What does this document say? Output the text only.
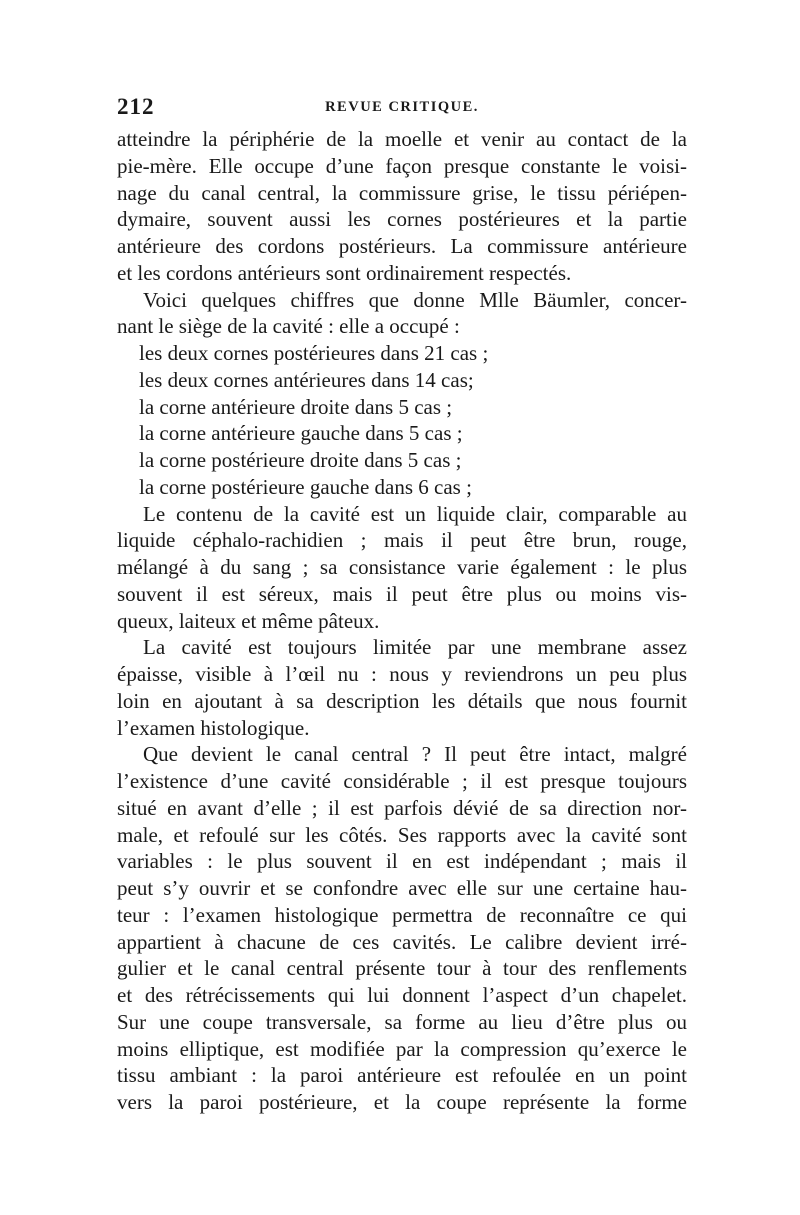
212	REVUE CRITIQUE.
atteindre la périphérie de la moelle et venir au contact de la
pie-mère. Elle occupe d’une façon presque constante le voisi-
nage du canal central, la commissure grise, le tissu périépen-
dymaire, souvent aussi les cornes postérieures et la partie
antérieure des cordons postérieurs. La commissure antérieure
et les cordons antérieurs sont ordinairement respectés.
Voici quelques chiffres que donne Mlle Bäumler, concer-
nant le siège de la cavité : elle a occupé :
les deux cornes postérieures dans 21 cas ;
les deux cornes antérieures dans 14 cas;
la corne antérieure droite dans 5 cas ;
la corne antérieure gauche dans 5 cas ;
la corne postérieure droite dans 5 cas ;
la corne postérieure gauche dans 6 cas ;
Le contenu de la cavité est un liquide clair, comparable au
liquide céphalo-rachidien ; mais il peut être brun, rouge,
mélangé à du sang ; sa consistance varie également : le plus
souvent il est séreux, mais il peut être plus ou moins vis-
queux, laiteux et même pâteux.
La cavité est toujours limitée par une membrane assez
épaisse, visible à l’œil nu : nous y reviendrons un peu plus
loin en ajoutant à sa description les détails que nous fournit
l’examen histologique.
Que devient le canal central ? Il peut être intact, malgré
l’existence d’une cavité considérable ; il est presque toujours
situé en avant d’elle ; il est parfois dévié de sa direction nor-
male, et refoulé sur les côtés. Ses rapports avec la cavité sont
variables : le plus souvent il en est indépendant ; mais il
peut s’y ouvrir et se confondre avec elle sur une certaine hau-
teur : l’examen histologique permettra de reconnaître ce qui
appartient à chacune de ces cavités. Le calibre devient irré-
gulier et le canal central présente tour à tour des renflements
et des rétrécissements qui lui donnent l’aspect d’un chapelet.
Sur une coupe transversale, sa forme au lieu d’être plus ou
moins elliptique, est modifiée par la compression qu’exerce le
tissu ambiant : la paroi antérieure est refoulée en un point
vers la paroi postérieure, et la coupe représente la forme
